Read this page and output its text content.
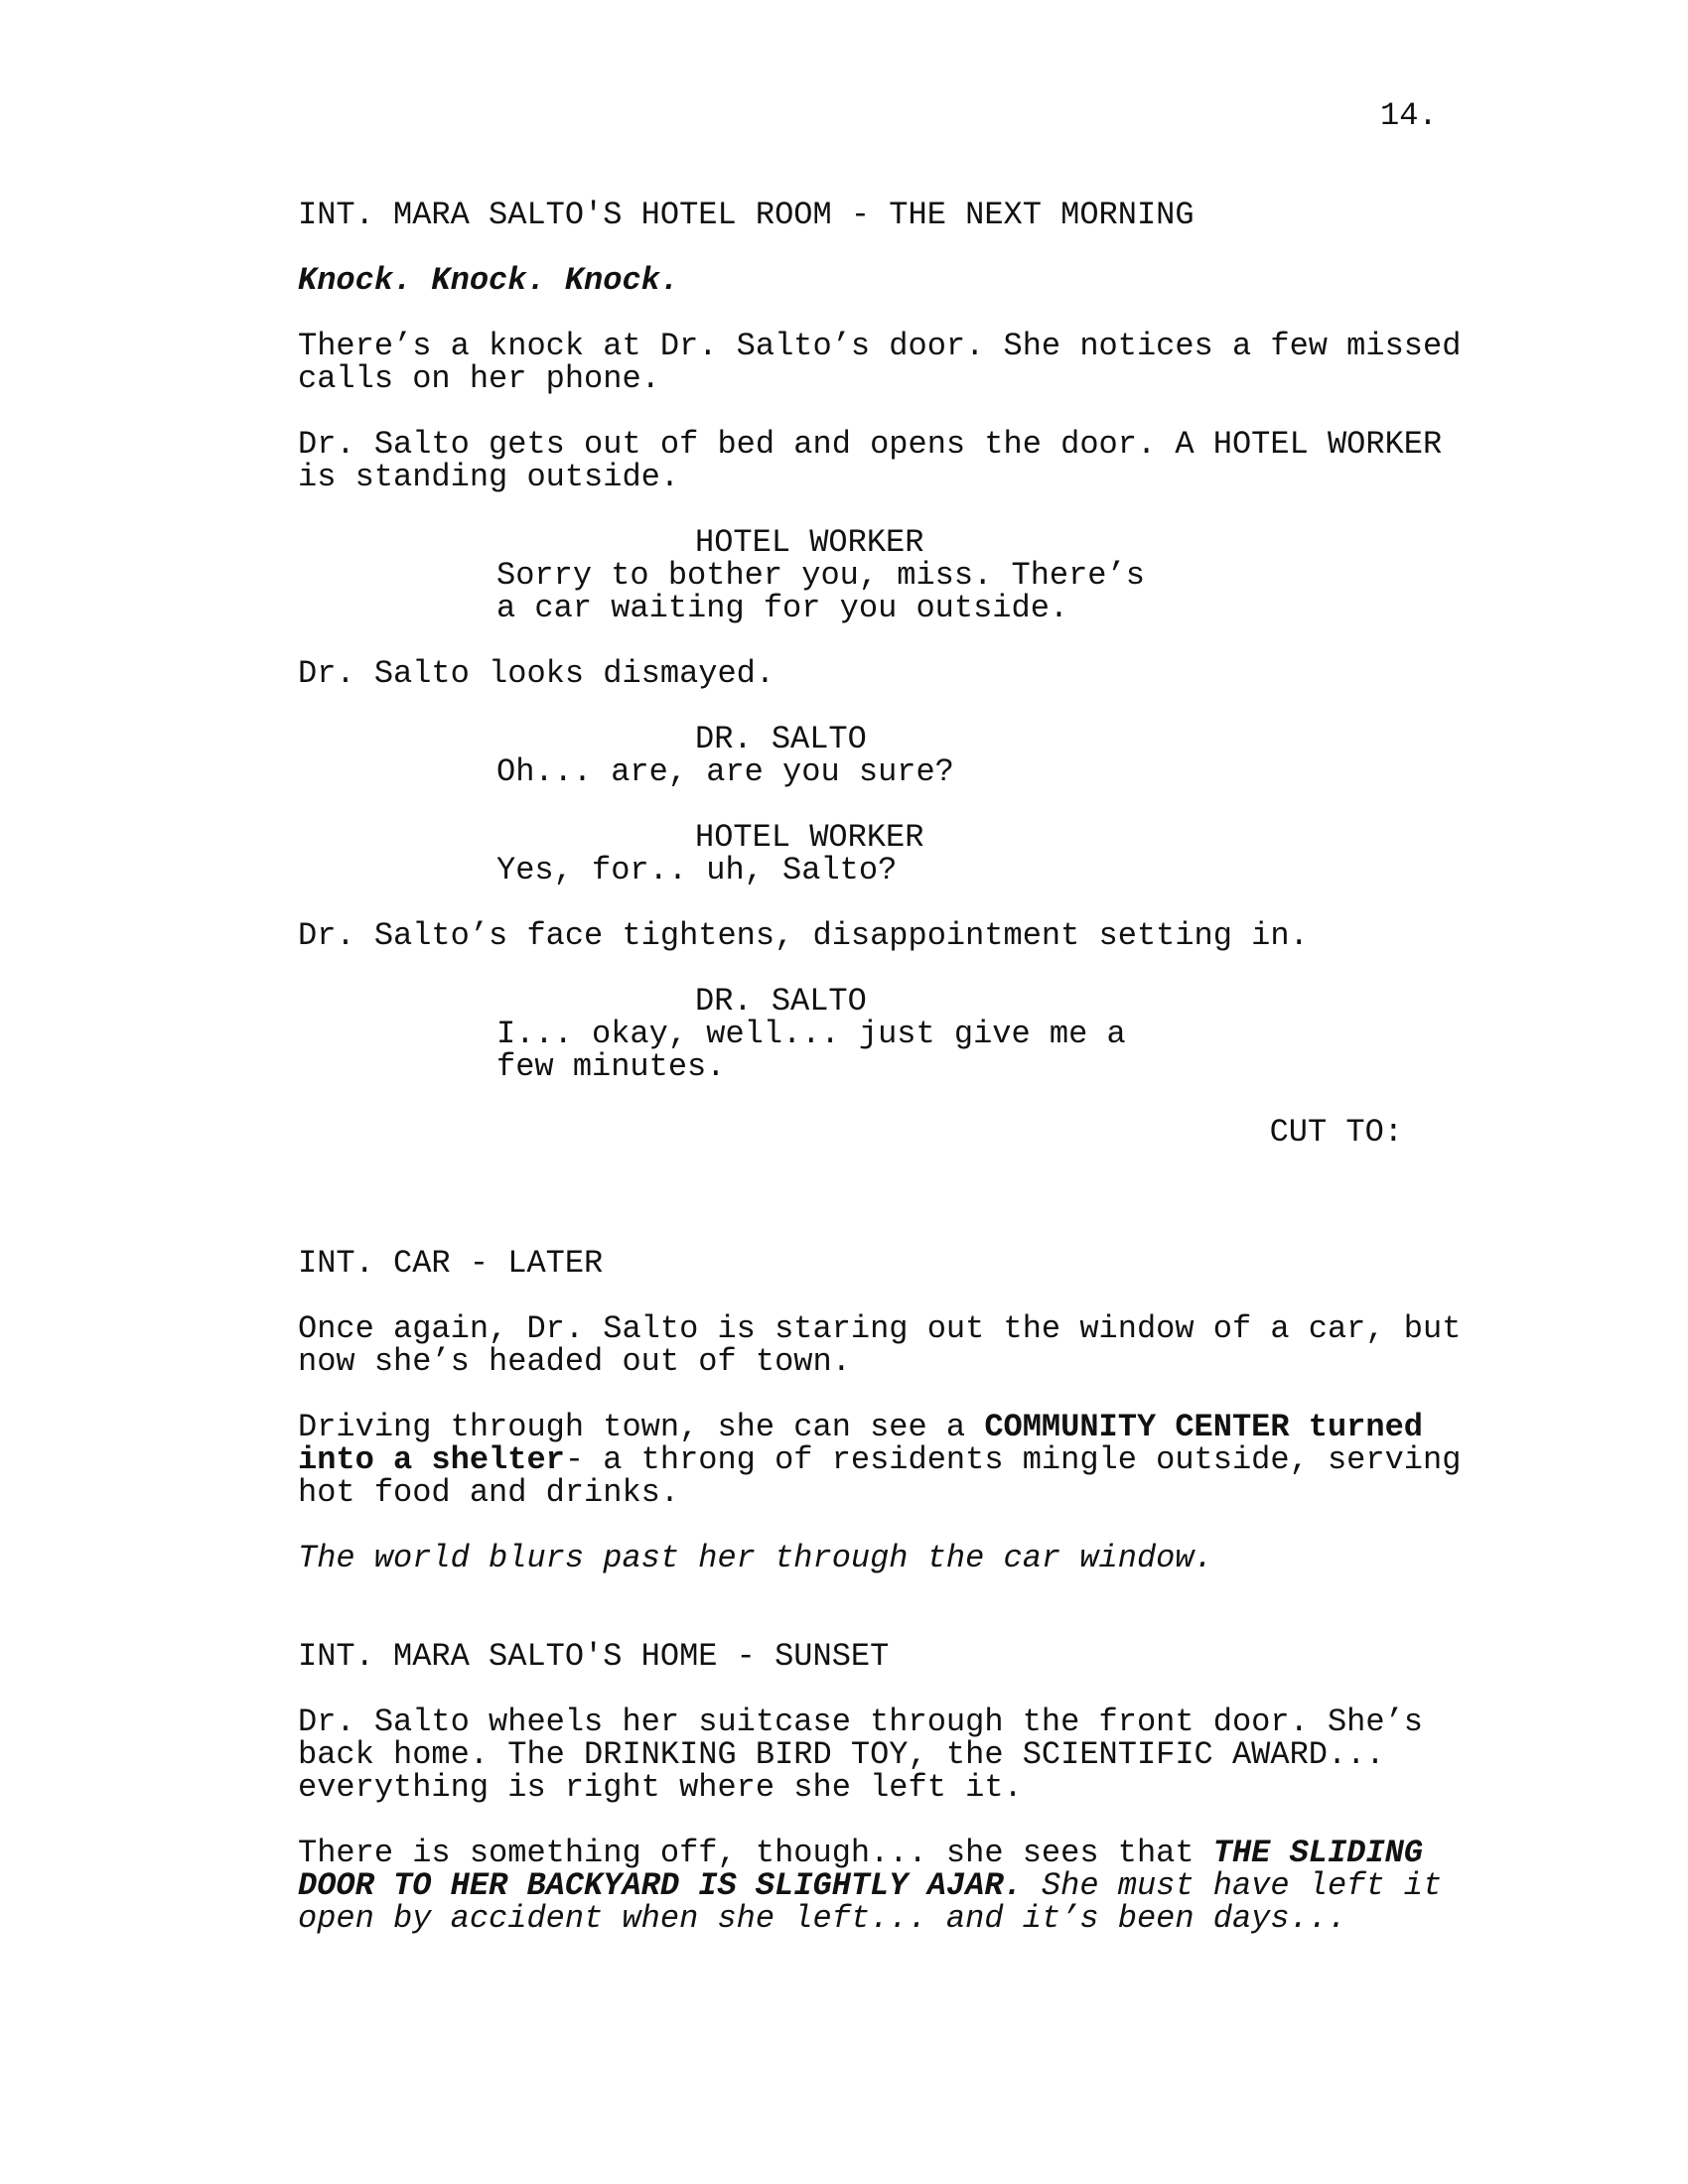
14.

INT. MARA SALTO'S HOTEL ROOM - THE NEXT MORNING

Knock. Knock. Knock.

There’s a knock at Dr. Salto’s door. She notices a few missed

calls on her phone.

Dr. Salto gets out of bed and opens the door. A HOTEL WORKER

is standing outside.

HOTEL WORKER

Sorry to bother you, miss. There’s

a car waiting for you outside.

Dr. Salto looks dismayed.

DR. SALTO

Oh... are, are you sure?

HOTEL WORKER

Yes, for.. uh, Salto?

Dr. Salto’s face tightens, disappointment setting in.

DR. SALTO

I... okay, well... just give me a

few minutes.

CUT TO:

INT. CAR - LATER

Once again, Dr. Salto is staring out the window of a car, but

now she’s headed out of town.

Driving through town, she can see a COMMUNITY CENTER turned

into a shelter- a throng of residents mingle outside, serving

hot food and drinks.

The world blurs past her through the car window.

INT. MARA SALTO'S HOME - SUNSET

Dr. Salto wheels her suitcase through the front door. She’s

back home. The DRINKING BIRD TOY, the SCIENTIFIC AWARD...

everything is right where she left it.

There is something off, though... she sees that THE SLIDING

DOOR TO HER BACKYARD IS SLIGHTLY AJAR. She must have left it

open by accident when she left... and it’s been days...
